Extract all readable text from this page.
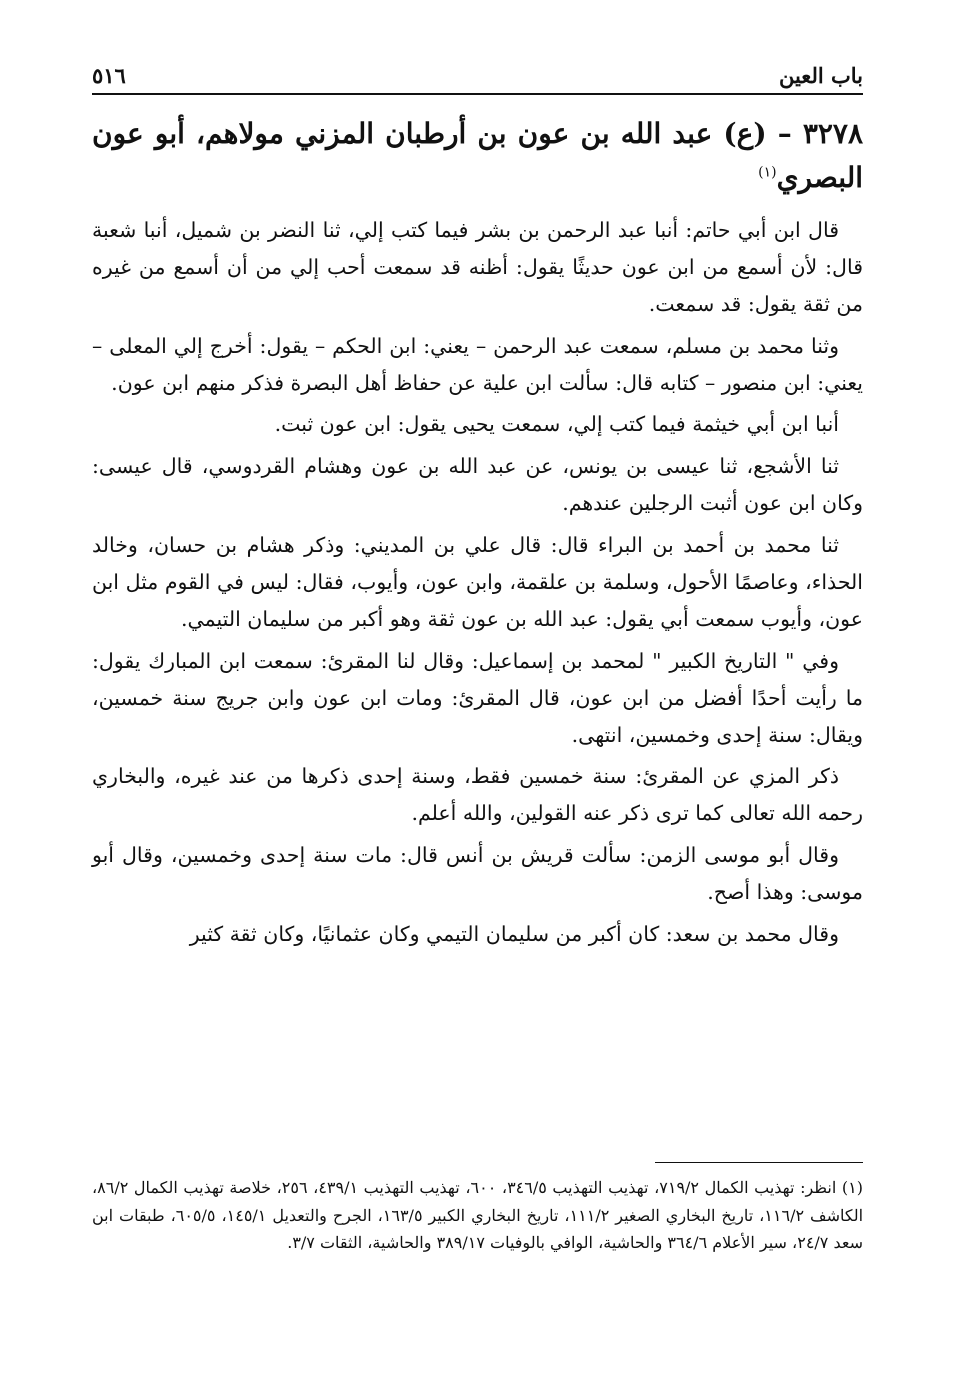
باب العين
٥١٦
٣٢٧٨ – (ع) عبد الله بن عون بن أرطبان المزني مولاهم، أبو عون البصري$^{(١)}$

قال ابن أبي حاتم: أنبا عبد الرحمن بن بشر فيما كتب إلي، ثنا النضر بن شميل، أنبا شعبة قال: لأن أسمع من ابن عون حديثًا يقول: أظنه قد سمعت أحب إلي من أن أسمع من غيره من ثقة يقول: قد سمعت.

وثنا محمد بن مسلم، سمعت عبد الرحمن – يعني: ابن الحكم – يقول: أخرج إلي المعلى – يعني: ابن منصور – كتابه قال: سألت ابن علية عن حفاظ أهل البصرة فذكر منهم ابن عون.

أنبا ابن أبي خيثمة فيما كتب إلي، سمعت يحيى يقول: ابن عون ثبت.

ثنا الأشجع، ثنا عيسى بن يونس، عن عبد الله بن عون وهشام القردوسي، قال عيسى: وكان ابن عون أثبت الرجلين عندهم.

ثنا محمد بن أحمد بن البراء قال: قال علي بن المديني: وذكر هشام بن حسان، وخالد الحذاء، وعاصمًا الأحول، وسلمة بن علقمة، وابن عون، وأيوب، فقال: ليس في القوم مثل ابن عون، وأيوب سمعت أبي يقول: عبد الله بن عون ثقة وهو أكبر من سليمان التيمي.

وفي " التاريخ الكبير " لمحمد بن إسماعيل: وقال لنا المقرئ: سمعت ابن المبارك يقول: ما رأيت أحدًا أفضل من ابن عون، قال المقرئ: ومات ابن عون وابن جريج سنة خمسين، ويقال: سنة إحدى وخمسين، انتهى.

ذكر المزي عن المقرئ: سنة خمسين فقط، وسنة إحدى ذكرها من عند غيره، والبخاري رحمه الله تعالى كما ترى ذكر عنه القولين، والله أعلم.

وقال أبو موسى الزمن: سألت قريش بن أنس قال: مات سنة إحدى وخمسين، وقال أبو موسى: وهذا أصح.

وقال محمد بن سعد: كان أكبر من سليمان التيمي وكان عثمانيًا، وكان ثقة كثير

(١) انظر: تهذيب الكمال ٧١٩/٢، تهذيب التهذيب ٣٤٦/٥، ٦٠٠، تهذيب التهذيب ٤٣٩/١، ٢٥٦، خلاصة تهذيب الكمال ٨٦/٢، الكاشف ١١٦/٢، تاريخ البخاري الصغير ١١١/٢، تاريخ البخاري الكبير ١٦٣/٥، الجرح والتعديل ١٤٥/١، ٦٠٥/٥، طبقات ابن سعد ٢٤/٧، سير الأعلام ٣٦٤/٦ والحاشية، الوافي بالوفيات ٣٨٩/١٧ والحاشية، الثقات ٣/٧.
